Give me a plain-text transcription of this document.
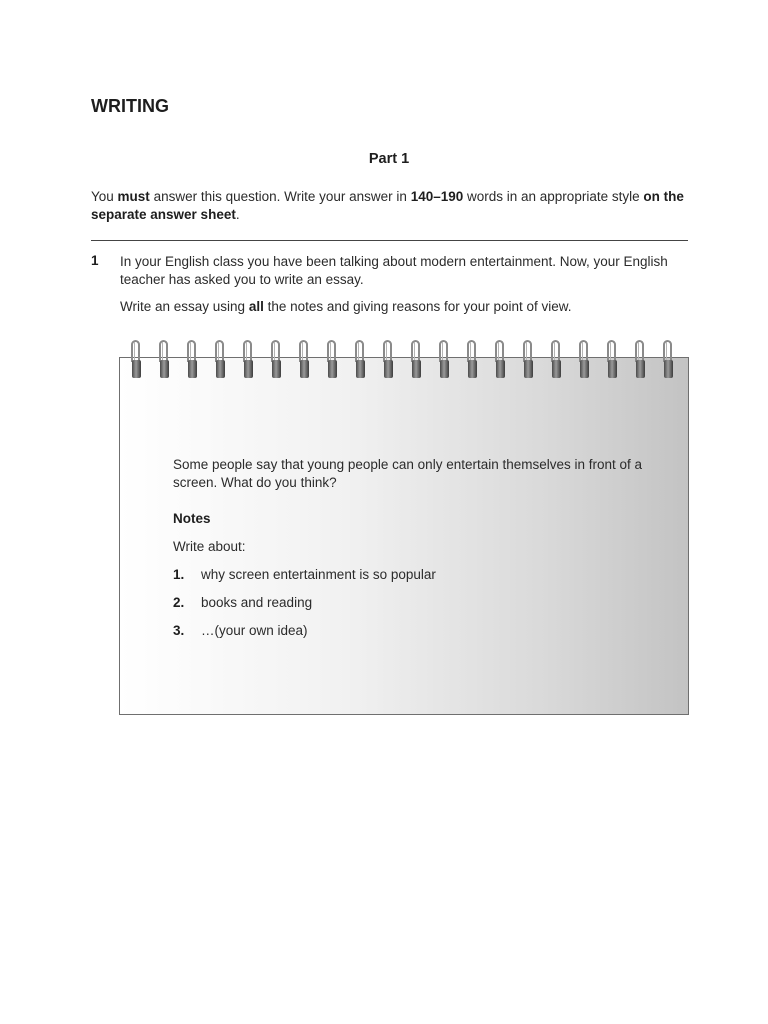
WRITING
Part 1
You must answer this question. Write your answer in 140–190 words in an appropriate style on the separate answer sheet.
1 In your English class you have been talking about modern entertainment. Now, your English teacher has asked you to write an essay.
Write an essay using all the notes and giving reasons for your point of view.
Some people say that young people can only entertain themselves in front of a screen. What do you think?
Notes
Write about:
1. why screen entertainment is so popular
2. books and reading
3. …(your own idea)
